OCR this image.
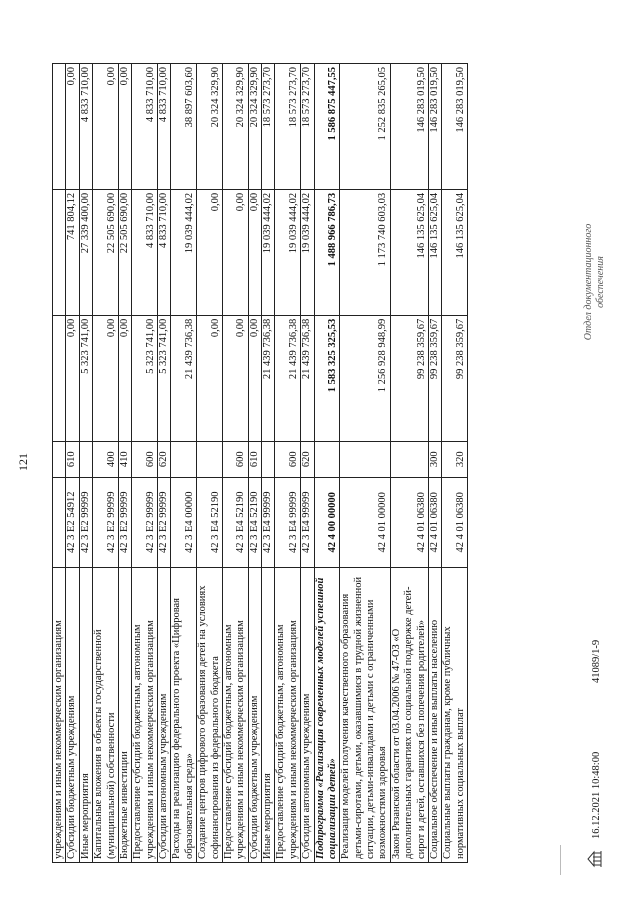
121
учреждениям и иным некоммерческим организациям					
Субсидии бюджетным учреждениям	42 3 E2 54912	610	0,00	741 804,12	0,00
Иные мероприятия	42 3 E2 99999		5 323 741,00	27 339 400,00	4 833 710,00
Капитальные вложения в объекты государственной (муниципальной) собственности	42 3 E2 99999	400	0,00	22 505 690,00	0,00
Бюджетные инвестиции	42 3 E2 99999	410	0,00	22 505 690,00	0,00
Предоставление субсидий бюджетным, автономным учреждениям и иным некоммерческим организациям	42 3 E2 99999	600	5 323 741,00	4 833 710,00	4 833 710,00
Субсидии автономным учреждениям	42 3 E2 99999	620	5 323 741,00	4 833 710,00	4 833 710,00
Расходы на реализацию федерального проекта «Цифровая образовательная среда»	42 3 E4 00000		21 439 736,38	19 039 444,02	38 897 603,60
Создание центров цифрового образования детей на условиях софинансирования из федерального бюджета	42 3 E4 52190		0,00	0,00	20 324 329,90
Предоставление субсидий бюджетным, автономным учреждениям и иным некоммерческим организациям	42 3 E4 52190	600	0,00	0,00	20 324 329,90
Субсидии бюджетным учреждениям	42 3 E4 52190	610	0,00	0,00	20 324 329,90
Иные мероприятия	42 3 E4 99999		21 439 736,38	19 039 444,02	18 573 273,70
Предоставление субсидий бюджетным, автономным учреждениям и иным некоммерческим организациям	42 3 E4 99999	600	21 439 736,38	19 039 444,02	18 573 273,70
Субсидии автономным учреждениям	42 3 E4 99999	620	21 439 736,38	19 039 444,02	18 573 273,70
Подпрограмма «Реализация современных моделей успешной социализации детей»	42 4 00 00000		1 583 325 325,53	1 488 966 786,73	1 586 875 447,55
Реализация моделей получения качественного образования детьми-сиротами, детьми, оказавшимися в трудной жизненной ситуации, детьми-инвалидами и детьми с ограниченными возможностями здоровья	42 4 01 00000		1 256 928 948,99	1 173 740 603,03	1 252 835 265,05
Закон Рязанской области от 03.04.2006 № 47-ОЗ «О дополнительных гарантиях по социальной поддержке детей-сирот и детей, оставшихся без попечения родителей»	42 4 01 06380		99 238 359,67	146 135 625,04	146 283 019,50
Социальное обеспечение и иные выплаты населению	42 4 01 06380	300	99 238 359,67	146 135 625,04	146 283 019,50
Социальные выплаты гражданам, кроме публичных нормативных социальных выплат	42 4 01 06380	320	99 238 359,67	146 135 625,04	146 283 019,50
16.12.2021 10:48:00
41089/1-9
Отдел документационного обеспечения
